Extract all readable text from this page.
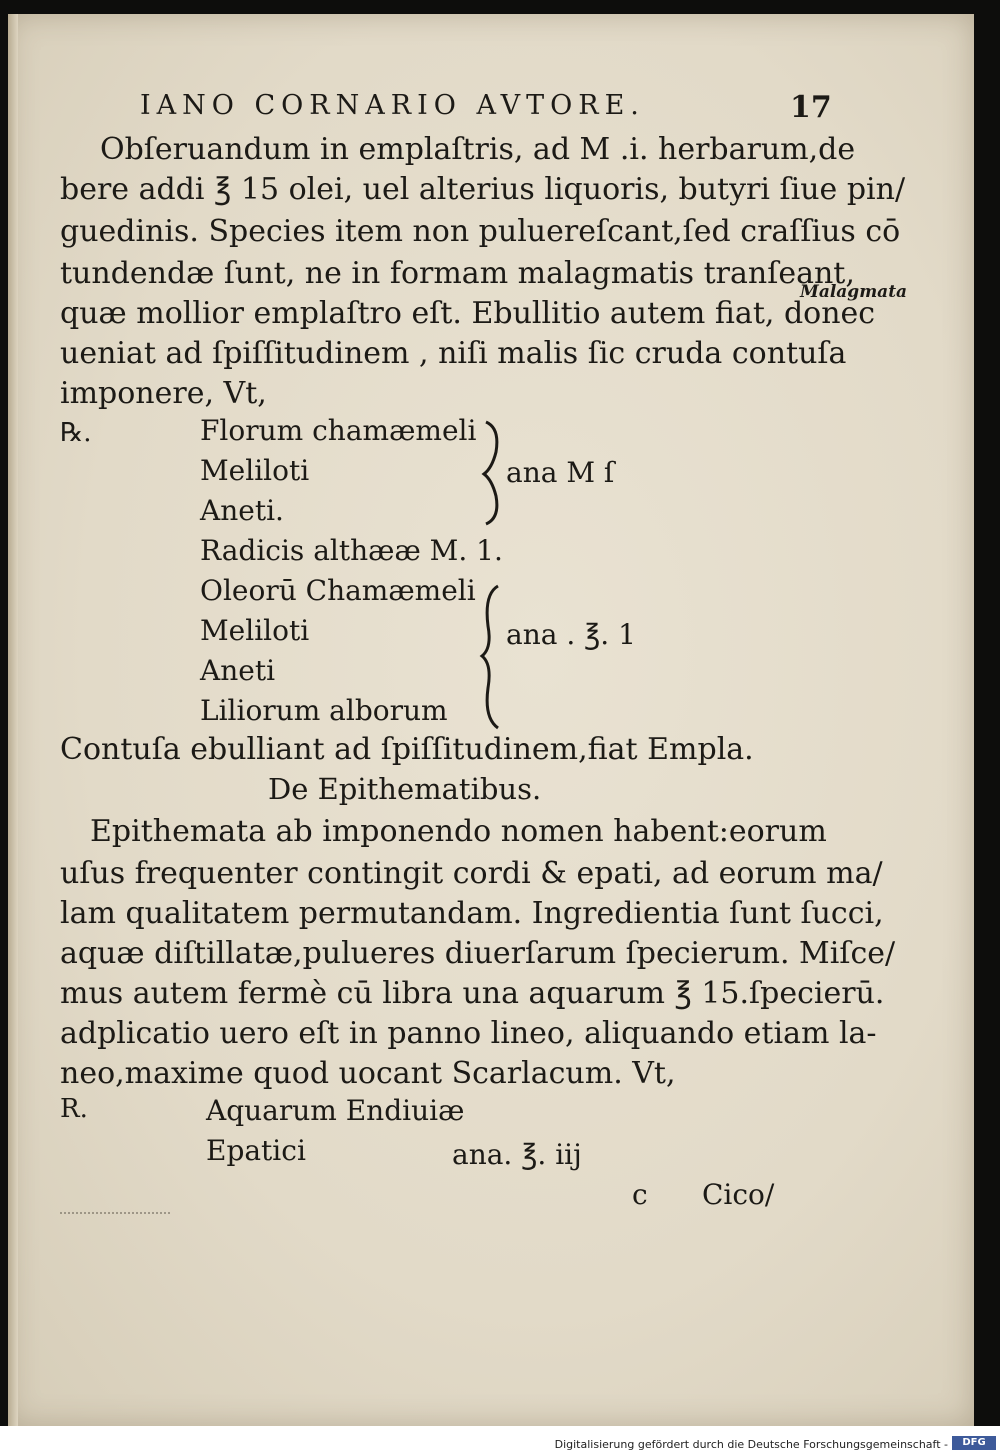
IANO CORNARIO AVTORE.	17
Obſeruandum in emplaſtris, ad M .i. herbarum,de
bere addi ℥ 15 olei, uel alterius liquoris, butyri ſiue pin/
guedinis. Species item non puluereſcant,ſed craſſius cō
tundendæ ſunt, ne in formam malagmatis tranſeant,
quæ mollior emplaſtro eſt. Ebullitio autem fiat, donec
ueniat ad ſpiſſitudinem , niſi malis ſic cruda contuſa
imponere, Vt,
Malagmata
℞.	Florum chamæmeli
Meliloti
Aneti.
ana M ſ
Radicis althææ M. 1.
Oleorū Chamæmeli
Meliloti
Aneti
Liliorum alborum
ana . ℥. 1
Contuſa ebulliant ad ſpiſſitudinem,fiat Empla.
De Epithematibus.
Epithemata ab imponendo nomen habent:eorum
uſus frequenter contingit cordi & epati, ad eorum ma/
lam qualitatem permutandam. Ingredientia ſunt ſucci,
aquæ diſtillatæ,pulueres diuerſarum ſpecierum. Miſce/
mus autem fermè cū libra una aquarum ℥ 15.ſpecierū.
adplicatio uero eſt in panno lineo, aliquando etiam la-
neo,maxime quod uocant Scarlacum. Vt,
R.	Aquarum Endiuiæ
Epatici	ana. ℥. iij
c Cico/
Digitalisierung gefördert durch die Deutsche Forschungsgemeinschaft -	DFG
